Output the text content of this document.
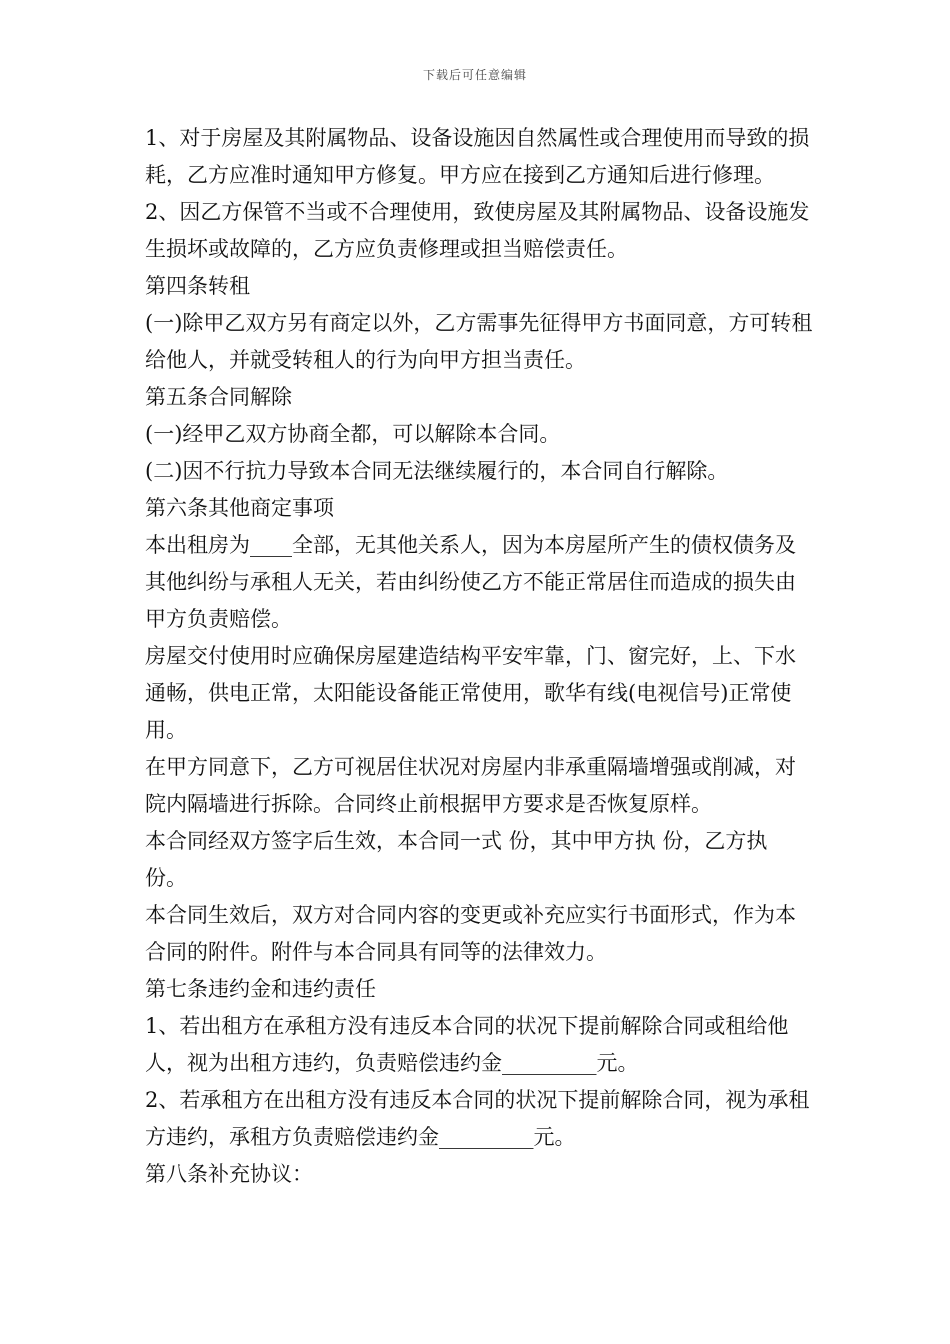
下载后可任意编辑

1、对于房屋及其附属物品、设备设施因自然属性或合理使用而导致的损耗，乙方应准时通知甲方修复。甲方应在接到乙方通知后进行修理。

2、因乙方保管不当或不合理使用，致使房屋及其附属物品、设备设施发生损坏或故障的，乙方应负责修理或担当赔偿责任。

第四条转租

(一)除甲乙双方另有商定以外，乙方需事先征得甲方书面同意，方可转租给他人，并就受转租人的行为向甲方担当责任。

第五条合同解除

(一)经甲乙双方协商全都，可以解除本合同。

(二)因不行抗力导致本合同无法继续履行的，本合同自行解除。

第六条其他商定事项

本出租房为____全部，无其他关系人，因为本房屋所产生的债权债务及其他纠纷与承租人无关，若由纠纷使乙方不能正常居住而造成的损失由甲方负责赔偿。

房屋交付使用时应确保房屋建造结构平安牢靠，门、窗完好，上、下水通畅，供电正常，太阳能设备能正常使用，歌华有线(电视信号)正常使用。

在甲方同意下，乙方可视居住状况对房屋内非承重隔墙增强或削减，对院内隔墙进行拆除。合同终止前根据甲方要求是否恢复原样。

本合同经双方签字后生效，本合同一式 份，其中甲方执 份，乙方执 份。

本合同生效后，双方对合同内容的变更或补充应实行书面形式，作为本合同的附件。附件与本合同具有同等的法律效力。

第七条违约金和违约责任

1、若出租方在承租方没有违反本合同的状况下提前解除合同或租给他人，视为出租方违约，负责赔偿违约金_________元。

2、若承租方在出租方没有违反本合同的状况下提前解除合同，视为承租方违约，承租方负责赔偿违约金_________元。

第八条补充协议：
